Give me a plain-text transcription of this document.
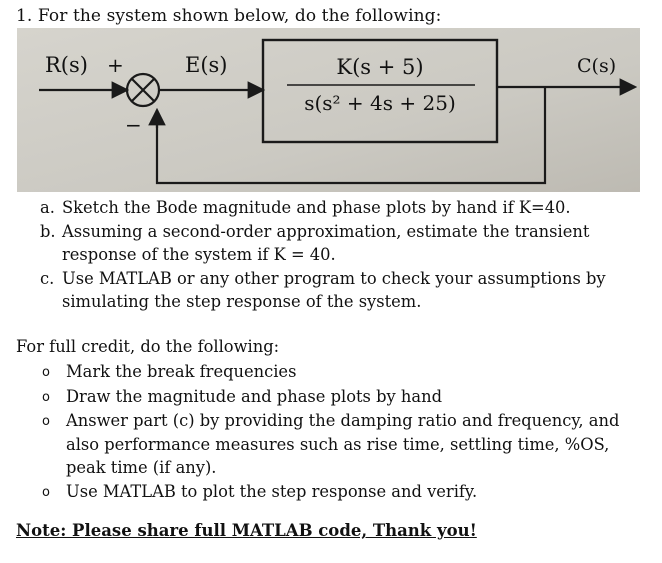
1. For the system shown below, do the following:
R(s) +
−
E(s)	K(s + 5)
s(s² + 4s + 25)
C(s)
a. Sketch the Bode magnitude and phase plots by hand if K=40.
b. Assuming a second-order approximation, estimate the transient response of the system if K = 40.
c. Use MATLAB or any other program to check your assumptions by simulating the step response of the system.
For full credit, do the following:
o Mark the break frequencies
o Draw the magnitude and phase plots by hand
o Answer part (c) by providing the damping ratio and frequency, and also performance measures such as rise time, settling time, %OS, peak time (if any).
o Use MATLAB to plot the step response and verify.
Note: Please share full MATLAB code, Thank you!
